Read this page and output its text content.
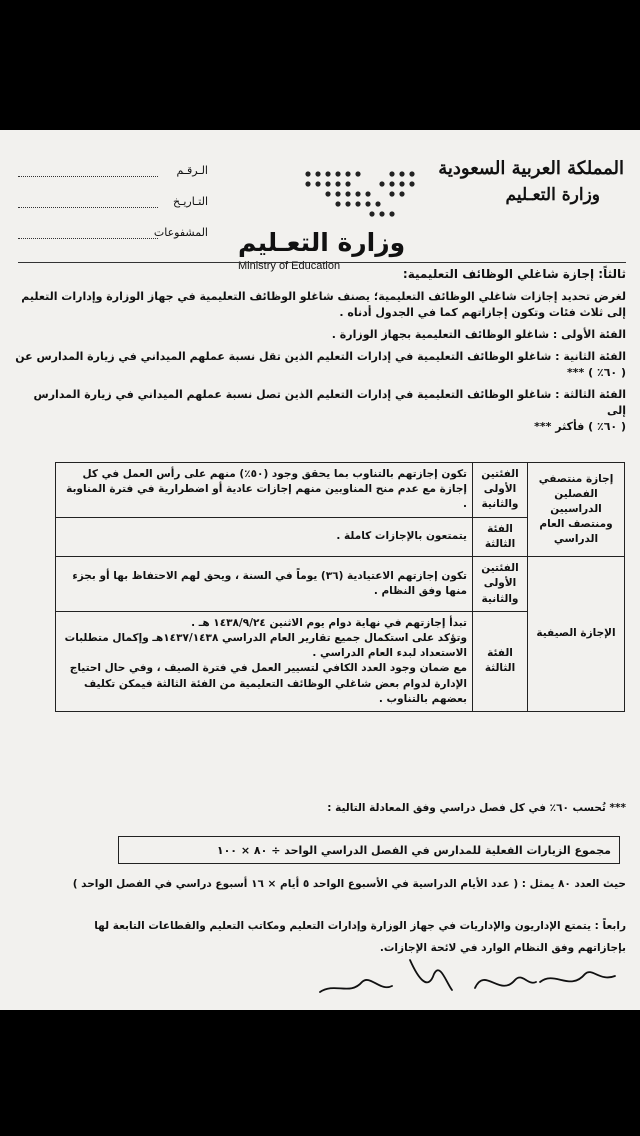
المملكة العربية السعودية
وزارة التعـليم
وزارة التعـليم
Ministry of Education
الـرقـم
التـاريـخ
المشفوعات

ثالثاً: إجازة شاغلي الوظائف التعليمية:

لغرض تحديد إجازات شاغلي الوظائف التعليمية؛ يصنف شاغلو الوظائف التعليمية في جهاز الوزارة وإدارات التعليم

إلى ثلاث فئات وتكون إجازاتهم كما في الجدول أدناه .

الفئة الأولى : شاغلو الوظائف التعليمية بجهاز الوزارة .

الفئة الثانية : شاغلو الوظائف التعليمية في إدارات التعليم الذين تقل نسبة عملهم الميداني في زيارة المدارس عن

( ٦٠٪ ) ***

الفئة الثالثة : شاغلو الوظائف التعليمية في إدارات التعليم الذين تصل نسبة عملهم الميداني في زيارة المدارس إلى

( ٦٠٪ ) فأكثر ***

إجازة منتصفي الفصلين الدراسيين ومنتصف العام الدراسي	الفئتين الأولى والثانية	تكون إجازتهم بالتناوب بما يحقق وجود (٥٠٪) منهم على رأس العمل في كل إجازة مع عدم منح المناوبين منهم إجازات عادية أو اضطرارية في فترة المناوبة .
	الفئة الثالثة	يتمتعون بالإجازات كاملة .
الإجازة الصيفية	الفئتين الأولى والثانية	تكون إجازتهم الاعتيادية (٣٦) يوماً في السنة ، ويحق لهم الاحتفاظ بها أو بجزء منها وفق النظام .
	الفئة الثالثة	تبدأ إجازتهم في نهاية دوام يوم الاثنين ١٤٣٨/٩/٢٤ هـ .
وتؤكد على استكمال جميع تقارير العام الدراسي ١٤٣٧/١٤٣٨هـ وإكمال متطلبات الاستعداد لبدء العام الدراسي .
مع ضمان وجود العدد الكافي لتسيير العمل في فترة الصيف ، وفي حال احتياج الإدارة لدوام بعض شاغلي الوظائف التعليمية من الفئة الثالثة فيمكن تكليف بعضهم بالتناوب .
*** تُحسب ٦٠٪ في كل فصل دراسي وفق المعادلة التالية :
مجموع الزيارات الفعلية للمدارس في الفصل الدراسي الواحد ÷ ٨٠ × ١٠٠
حيث العدد ٨٠ يمثل : ( عدد الأيام الدراسية في الأسبوع الواحد ٥ أيام × ١٦ أسبوع دراسي في الفصل الواحد )
رابعاً : يتمتع الإداريون والإداريات في جهاز الوزارة وإدارات التعليم ومكاتب التعليم والقطاعات التابعة لها
بإجازاتهم وفق النظام الوارد في لائحة الإجازات.
